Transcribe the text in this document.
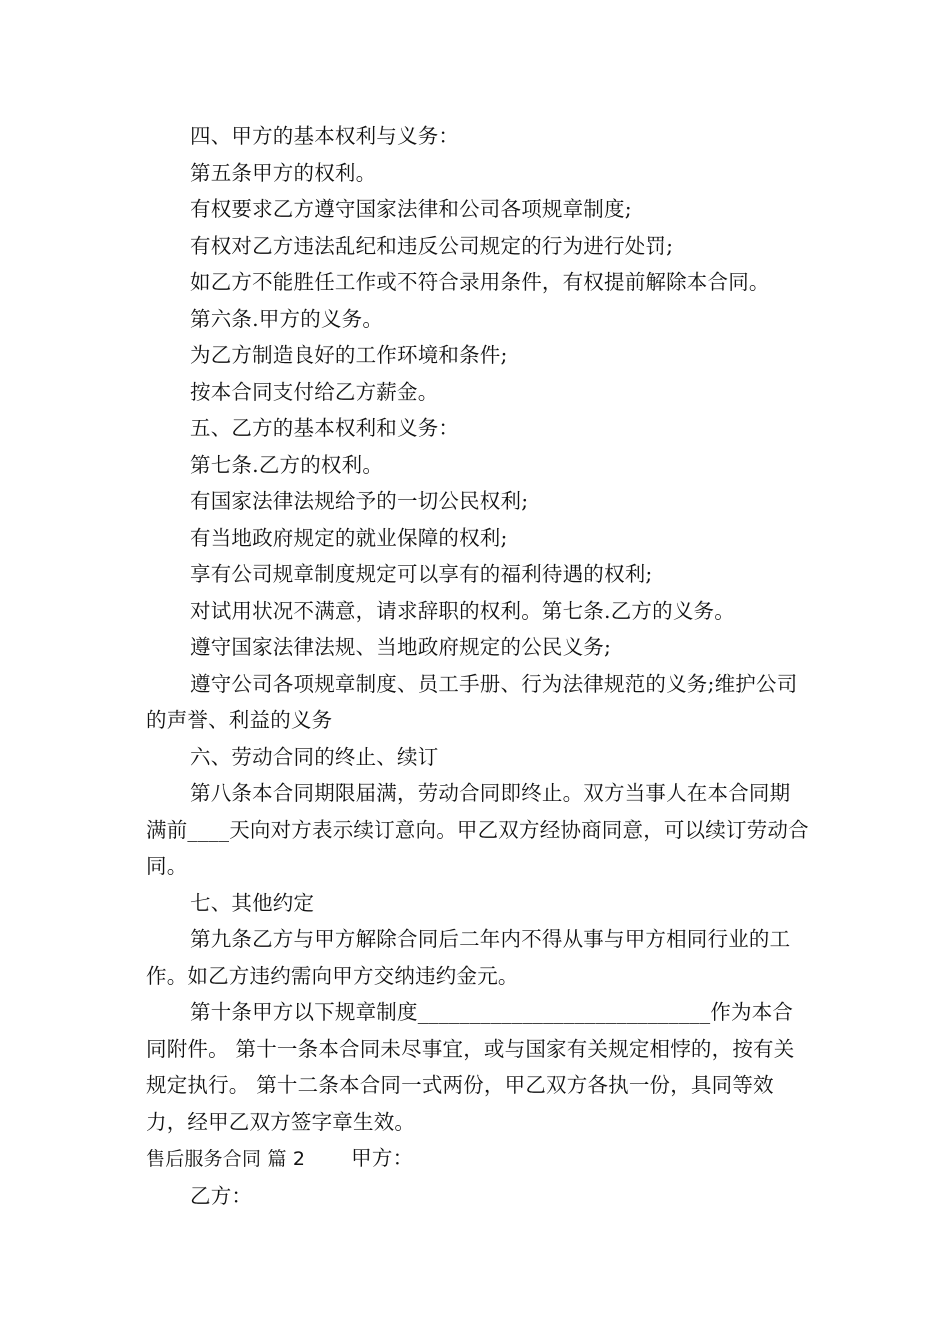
四、甲方的基本权利与义务：

第五条甲方的权利。

有权要求乙方遵守国家法律和公司各项规章制度;

有权对乙方违法乱纪和违反公司规定的行为进行处罚;

如乙方不能胜任工作或不符合录用条件，有权提前解除本合同。

第六条.甲方的义务。

为乙方制造良好的工作环境和条件;

按本合同支付给乙方薪金。

五、乙方的基本权利和义务：

第七条.乙方的权利。

有国家法律法规给予的一切公民权利;

有当地政府规定的就业保障的权利;

享有公司规章制度规定可以享有的福利待遇的权利;

对试用状况不满意，请求辞职的权利。第七条.乙方的义务。

遵守国家法律法规、当地政府规定的公民义务;

遵守公司各项规章制度、员工手册、行为法律规范的义务;维护公司的声誉、利益的义务

六、劳动合同的终止、续订

第八条本合同期限届满，劳动合同即终止。双方当事人在本合同期满前____天向对方表示续订意向。甲乙双方经协商同意，可以续订劳动合同。

七、其他约定

第九条乙方与甲方解除合同后二年内不得从事与甲方相同行业的工作。如乙方违约需向甲方交纳违约金元。

第十条甲方以下规章制度____________________________作为本合同附件。 第十一条本合同未尽事宜，或与国家有关规定相悖的，按有关规定执行。 第十二条本合同一式两份，甲乙双方各执一份，具同等效力，经甲乙双方签字章生效。

售后服务合同 篇 2 甲方：

乙方：
